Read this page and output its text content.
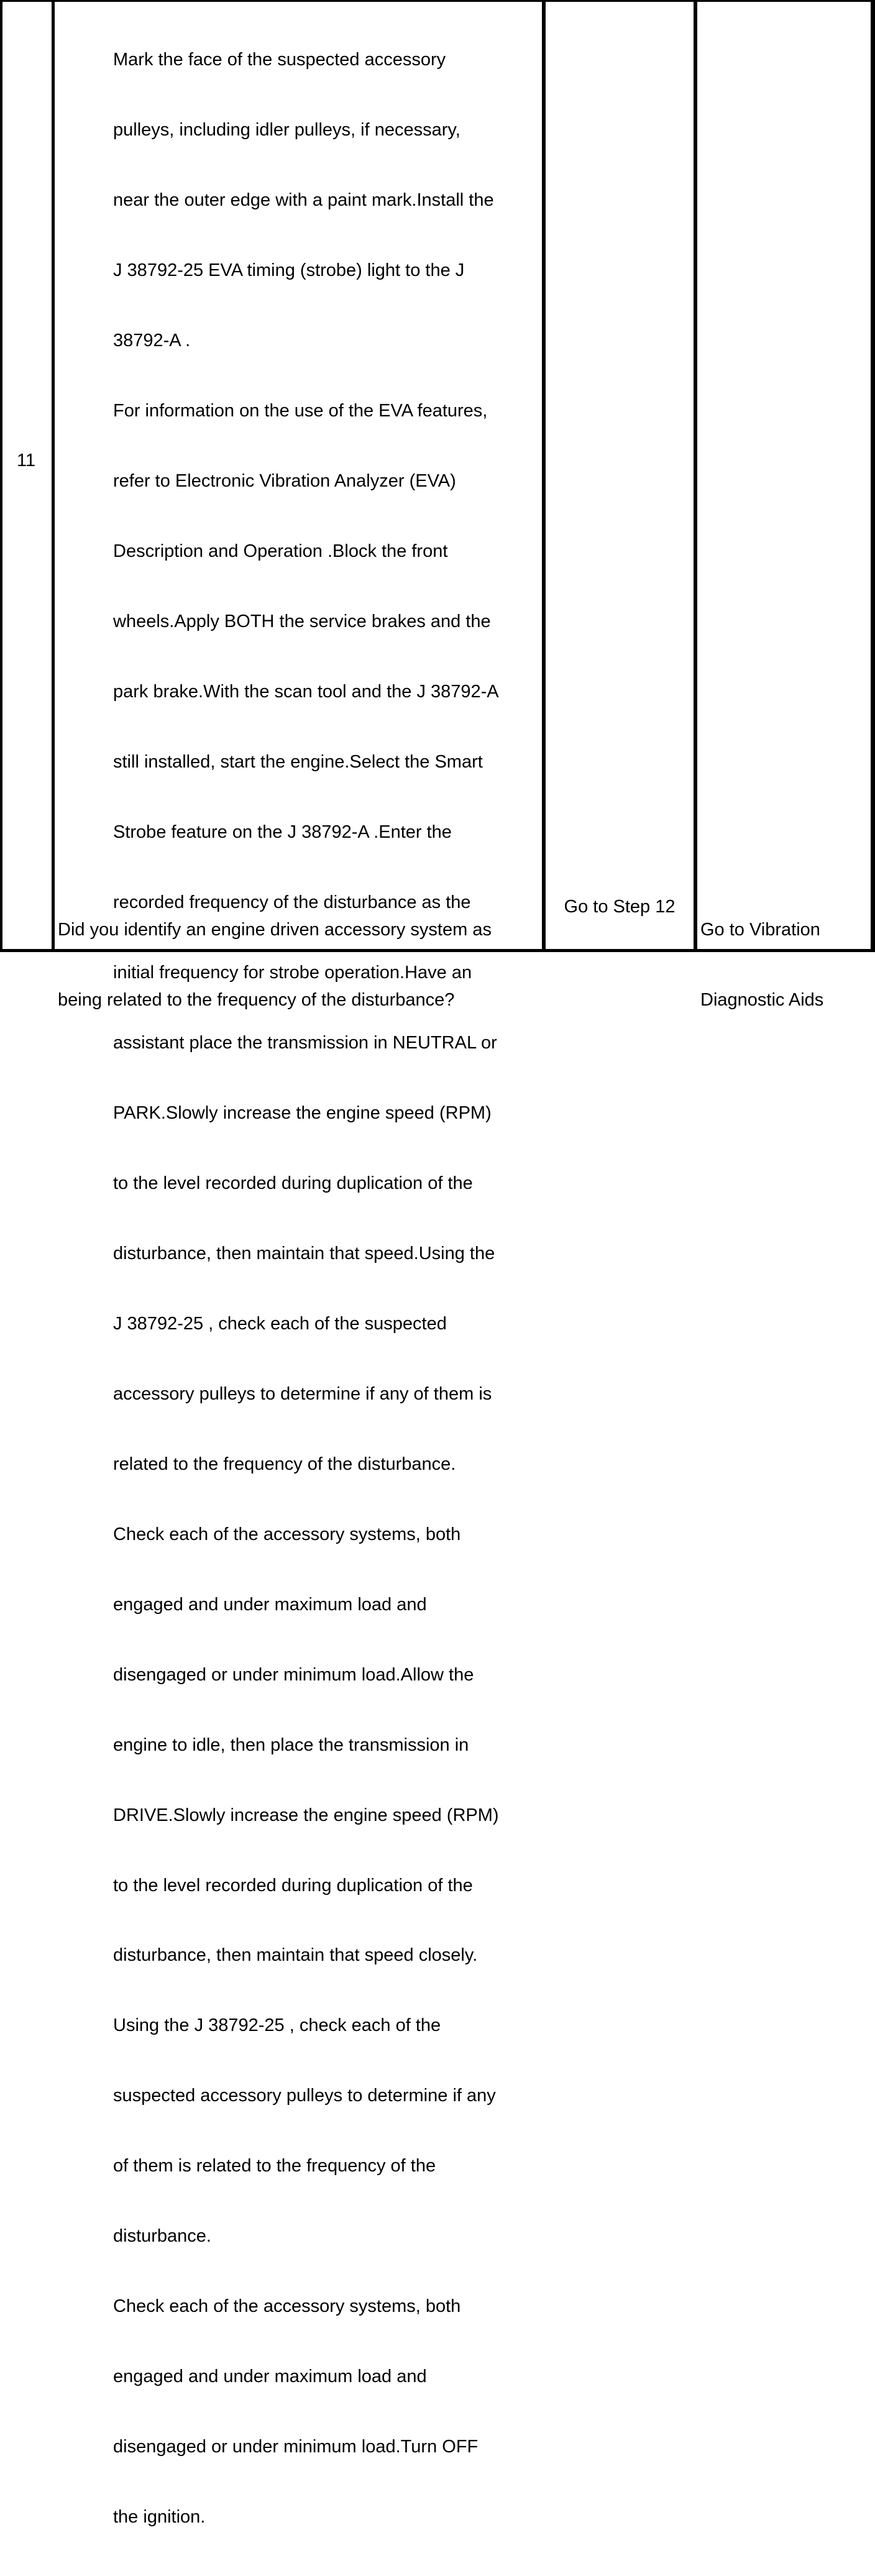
11

Mark the face of the suspected accessory

pulleys, including idler pulleys, if necessary,

near the outer edge with a paint mark.Install the

J 38792-25 EVA timing (strobe) light to the J

38792-A .

For information on the use of the EVA features,

refer to Electronic Vibration Analyzer (EVA)

Description and Operation .Block the front

wheels.Apply BOTH the service brakes and the

park brake.With the scan tool and the J 38792-A

still installed, start the engine.Select the Smart

Strobe feature on the J 38792-A .Enter the

recorded frequency of the disturbance as the

initial frequency for strobe operation.Have an

assistant place the transmission in NEUTRAL or

PARK.Slowly increase the engine speed (RPM)

to the level recorded during duplication of the

disturbance, then maintain that speed.Using the

J 38792-25 , check each of the suspected

accessory pulleys to determine if any of them is

related to the frequency of the disturbance.

Check each of the accessory systems, both

engaged and under maximum load and

disengaged or under minimum load.Allow the

engine to idle, then place the transmission in

DRIVE.Slowly increase the engine speed (RPM)

to the level recorded during duplication of the

disturbance, then maintain that speed closely.

Using the J 38792-25 , check each of the

suspected accessory pulleys to determine if any

of them is related to the frequency of the

disturbance.

Check each of the accessory systems, both

engaged and under maximum load and

disengaged or under minimum load.Turn OFF

the ignition.

Did you identify an engine driven accessory system as

being related to the frequency of the disturbance?

Go to Step 12

Go to Vibration

Diagnostic Aids
